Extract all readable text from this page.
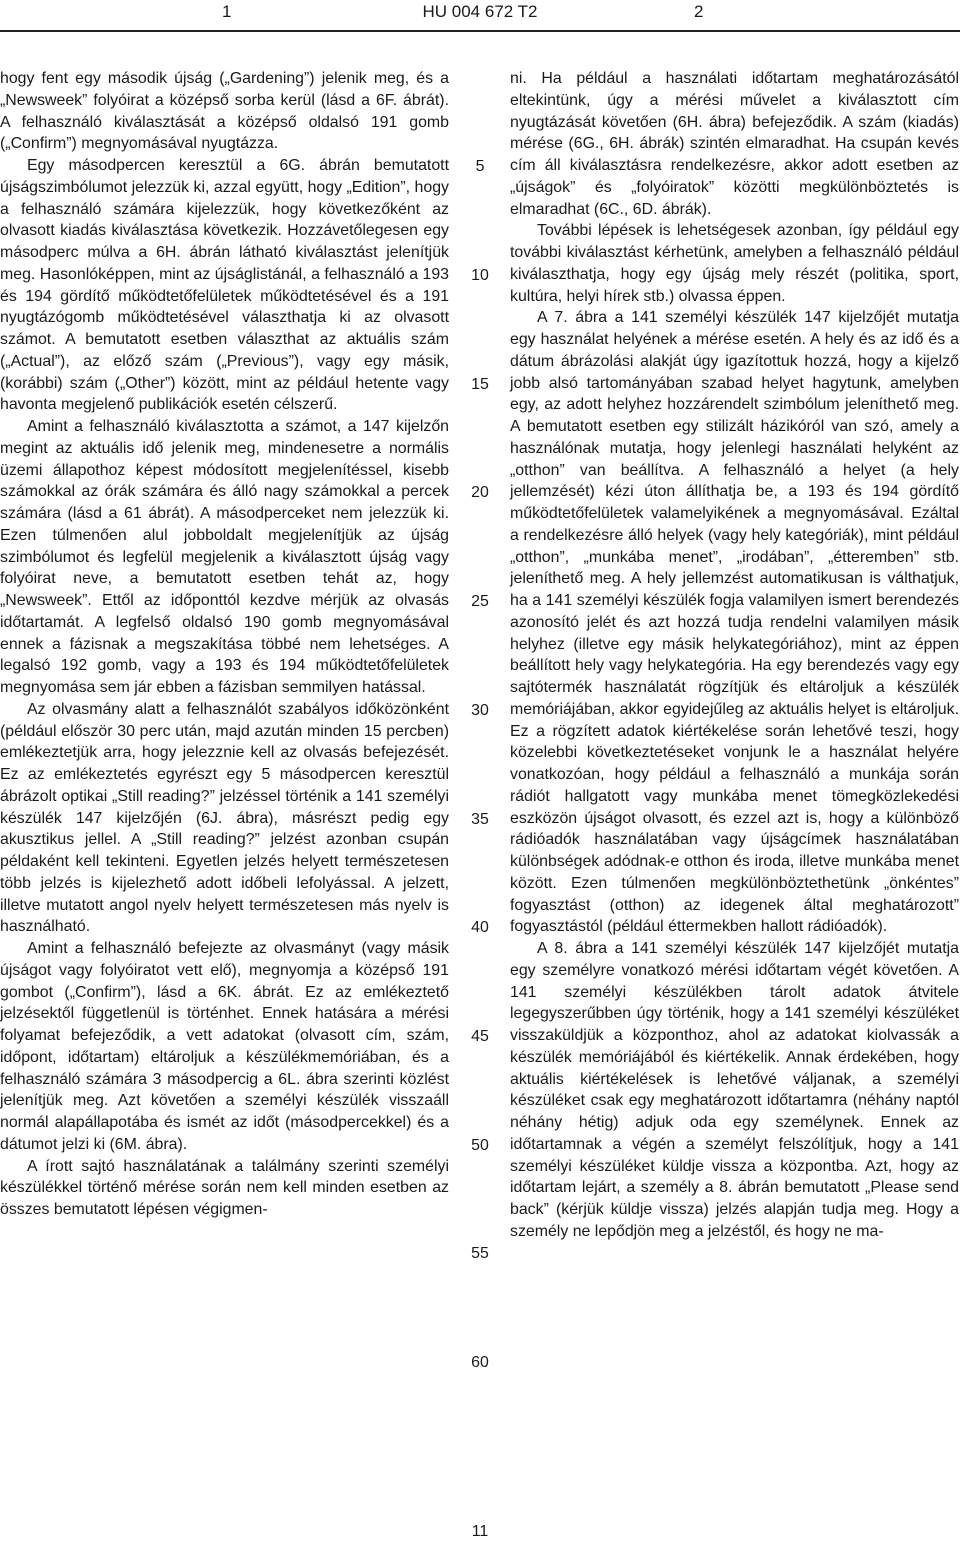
1	HU 004 672 T2	2

hogy fent egy második újság („Gardening”) jelenik meg, és a „Newsweek” folyóirat a középső sorba kerül (lásd a 6F. ábrát). A felhasználó kiválasztását a középső oldalsó 191 gomb („Confirm”) megnyomásával nyugtázza.

Egy másodpercen keresztül a 6G. ábrán bemutatott újságszimbólumot jelezzük ki, azzal együtt, hogy „Edition”, hogy a felhasználó számára kijelezzük, hogy következőként az olvasott kiadás kiválasztása következik. Hozzávetőlegesen egy másodperc múlva a 6H. ábrán látható kiválasztást jelenítjük meg. Hasonlóképpen, mint az újságlistánál, a felhasználó a 193 és 194 gördítő működtetőfelületek működtetésével és a 191 nyugtázógomb működtetésével választhatja ki az olvasott számot. A bemutatott esetben választhat az aktuális szám („Actual”), az előző szám („Previous”), vagy egy másik, (korábbi) szám („Other”) között, mint az például hetente vagy havonta megjelenő publikációk esetén célszerű.

Amint a felhasználó kiválasztotta a számot, a 147 kijelzőn megint az aktuális idő jelenik meg, mindenesetre a normális üzemi állapothoz képest módosított megjelenítéssel, kisebb számokkal az órák számára és álló nagy számokkal a percek számára (lásd a 61 ábrát). A másodperceket nem jelezzük ki. Ezen túlmenően alul jobboldalt megjelenítjük az újság szimbólumot és legfelül megjelenik a kiválasztott újság vagy folyóirat neve, a bemutatott esetben tehát az, hogy „Newsweek”. Ettől az időponttól kezdve mérjük az olvasás időtartamát. A legfelső oldalsó 190 gomb megnyomásával ennek a fázisnak a megszakítása többé nem lehetséges. A legalsó 192 gomb, vagy a 193 és 194 működtetőfelületek megnyomása sem jár ebben a fázisban semmilyen hatással.

Az olvasmány alatt a felhasználót szabályos időközönként (például először 30 perc után, majd azután minden 15 percben) emlékeztetjük arra, hogy jelezznie kell az olvasás befejezését. Ez az emlékeztetés egyrészt egy 5 másodpercen keresztül ábrázolt optikai „Still reading?” jelzéssel történik a 141 személyi készülék 147 kijelzőjén (6J. ábra), másrészt pedig egy akusztikus jellel. A „Still reading?” jelzést azonban csupán példaként kell tekinteni. Egyetlen jelzés helyett természetesen több jelzés is kijelezhető adott időbeli lefolyással. A jelzett, illetve mutatott angol nyelv helyett természetesen más nyelv is használható.

Amint a felhasználó befejezte az olvasmányt (vagy másik újságot vagy folyóiratot vett elő), megnyomja a középső 191 gombot („Confirm”), lásd a 6K. ábrát. Ez az emlékeztető jelzésektől függetlenül is történhet. Ennek hatására a mérési folyamat befejeződik, a vett adatokat (olvasott cím, szám, időpont, időtartam) eltároljuk a készülékmemóriában, és a felhasználó számára 3 másodpercig a 6L. ábra szerinti közlést jelenítjük meg. Azt követően a személyi készülék visszaáll normál alapállapotába és ismét az időt (másodpercekkel) és a dátumot jelzi ki (6M. ábra).

A írott sajtó használatának a találmány szerinti személyi készülékkel történő mérése során nem kell minden esetben az összes bemutatott lépésen végigmen-

ni. Ha például a használati időtartam meghatározásától eltekintünk, úgy a mérési művelet a kiválasztott cím nyugtázását követően (6H. ábra) befejeződik. A szám (kiadás) mérése (6G., 6H. ábrák) szintén elmaradhat. Ha csupán kevés cím áll kiválasztásra rendelkezésre, akkor adott esetben az „újságok” és „folyóiratok” közötti megkülönböztetés is elmaradhat (6C., 6D. ábrák).

További lépések is lehetségesek azonban, így például egy további kiválasztást kérhetünk, amelyben a felhasználó például kiválaszthatja, hogy egy újság mely részét (politika, sport, kultúra, helyi hírek stb.) olvassa éppen.

A 7. ábra a 141 személyi készülék 147 kijelzőjét mutatja egy használat helyének a mérése esetén. A hely és az idő és a dátum ábrázolási alakját úgy igazítottuk hozzá, hogy a kijelző jobb alsó tartományában szabad helyet hagytunk, amelyben egy, az adott helyhez hozzárendelt szimbólum jeleníthető meg. A bemutatott esetben egy stilizált házikóról van szó, amely a használónak mutatja, hogy jelenlegi használati helyként az „otthon” van beállítva. A felhasználó a helyet (a hely jellemzését) kézi úton állíthatja be, a 193 és 194 gördítő működtetőfelületek valamelyikének a megnyomásával. Ezáltal a rendelkezésre álló helyek (vagy hely kategóriák), mint például „otthon”, „munkába menet”, „irodában”, „étteremben” stb. jeleníthető meg. A hely jellemzést automatikusan is válthatjuk, ha a 141 személyi készülék fogja valamilyen ismert berendezés azonosító jelét és azt hozzá tudja rendelni valamilyen másik helyhez (illetve egy másik helykategóriához), mint az éppen beállított hely vagy helykategória. Ha egy berendezés vagy egy sajtótermék használatát rögzítjük és eltároljuk a készülék memóriájában, akkor egyidejűleg az aktuális helyet is eltároljuk. Ez a rögzített adatok kiértékelése során lehetővé teszi, hogy közelebbi következtetéseket vonjunk le a használat helyére vonatkozóan, hogy például a felhasználó a munkája során rádiót hallgatott vagy munkába menet tömegközlekedési eszközön újságot olvasott, és ezzel azt is, hogy a különböző rádióadók használatában vagy újságcímek használatában különbségek adódnak-e otthon és iroda, illetve munkába menet között. Ezen túlmenően megkülönböztethetünk „önkéntes” fogyasztást (otthon) az idegenek által meghatározott” fogyasztástól (például éttermekben hallott rádióadók).

A 8. ábra a 141 személyi készülék 147 kijelzőjét mutatja egy személyre vonatkozó mérési időtartam végét követően. A 141 személyi készülékben tárolt adatok átvitele legegyszerűbben úgy történik, hogy a 141 személyi készüléket visszaküldjük a központhoz, ahol az adatokat kiolvassák a készülék memóriájából és kiértékelik. Annak érdekében, hogy aktuális kiértékelések is lehetővé váljanak, a személyi készüléket csak egy meghatározott időtartamra (néhány naptól néhány hétig) adjuk oda egy személynek. Ennek az időtartamnak a végén a személyt felszólítjuk, hogy a 141 személyi készüléket küldje vissza a központba. Azt, hogy az időtartam lejárt, a személy a 8. ábrán bemutatott „Please send back” (kérjük küldje vissza) jelzés alapján tudja meg. Hogy a személy ne lepődjön meg a jelzéstől, és hogy ne ma-

5
10
15
20
25
30
35
40
45
50
55
60
11
